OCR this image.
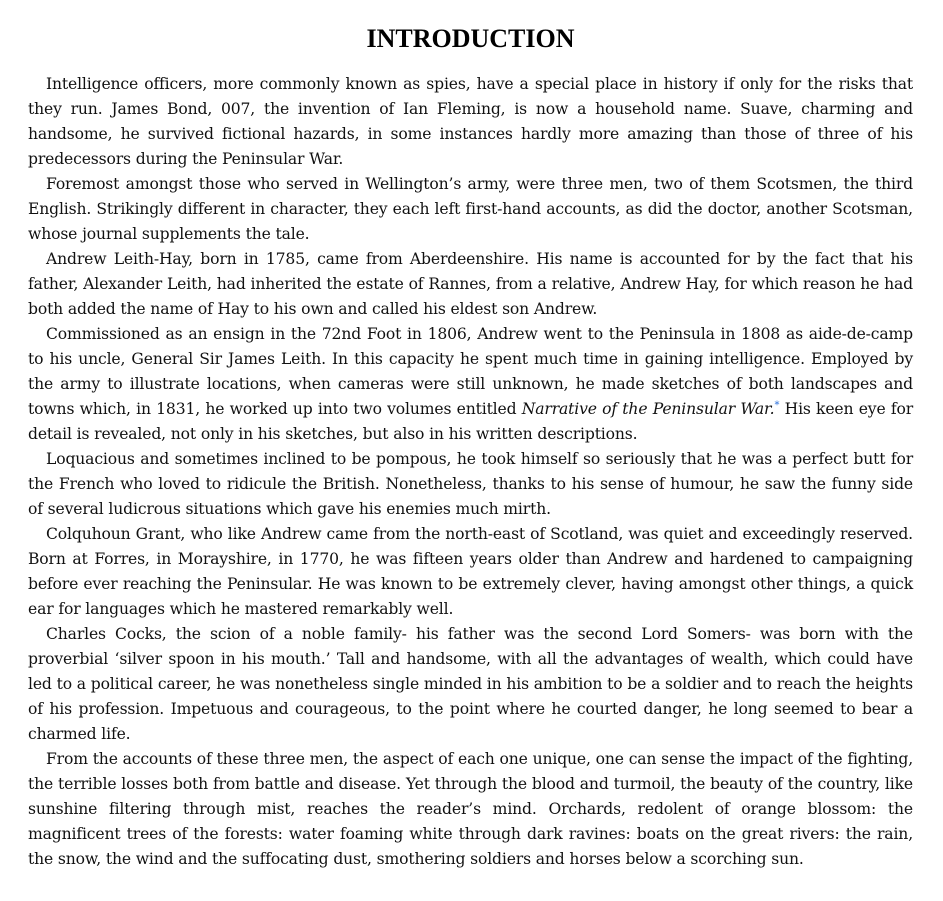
INTRODUCTION

Intelligence officers, more commonly known as spies, have a special place in history if only for the risks that they run. James Bond, 007, the invention of Ian Fleming, is now a household name. Suave, charming and handsome, he survived fictional hazards, in some instances hardly more amazing than those of three of his predecessors during the Peninsular War.

Foremost amongst those who served in Wellington’s army, were three men, two of them Scotsmen, the third English. Strikingly different in character, they each left first-hand accounts, as did the doctor, another Scotsman, whose journal supplements the tale.

Andrew Leith-Hay, born in 1785, came from Aberdeenshire. His name is accounted for by the fact that his father, Alexander Leith, had inherited the estate of Rannes, from a relative, Andrew Hay, for which reason he had both added the name of Hay to his own and called his eldest son Andrew.

Commissioned as an ensign in the 72nd Foot in 1806, Andrew went to the Peninsula in 1808 as aide-de-camp to his uncle, General Sir James Leith. In this capacity he spent much time in gaining intelligence. Employed by the army to illustrate locations, when cameras were still unknown, he made sketches of both landscapes and towns which, in 1831, he worked up into two volumes entitled Narrative of the Peninsular War.* His keen eye for detail is revealed, not only in his sketches, but also in his written descriptions.

Loquacious and sometimes inclined to be pompous, he took himself so seriously that he was a perfect butt for the French who loved to ridicule the British. Nonetheless, thanks to his sense of humour, he saw the funny side of several ludicrous situations which gave his enemies much mirth.

Colquhoun Grant, who like Andrew came from the north-east of Scotland, was quiet and exceedingly reserved. Born at Forres, in Morayshire, in 1770, he was fifteen years older than Andrew and hardened to campaigning before ever reaching the Peninsular. He was known to be extremely clever, having amongst other things, a quick ear for languages which he mastered remarkably well.

Charles Cocks, the scion of a noble family- his father was the second Lord Somers- was born with the proverbial ‘silver spoon in his mouth.’ Tall and handsome, with all the advantages of wealth, which could have led to a political career, he was nonetheless single minded in his ambition to be a soldier and to reach the heights of his profession. Impetuous and courageous, to the point where he courted danger, he long seemed to bear a charmed life.

From the accounts of these three men, the aspect of each one unique, one can sense the impact of the fighting, the terrible losses both from battle and disease. Yet through the blood and turmoil, the beauty of the country, like sunshine filtering through mist, reaches the reader’s mind. Orchards, redolent of orange blossom: the magnificent trees of the forests: water foaming white through dark ravines: boats on the great rivers: the rain, the snow, the wind and the suffocating dust, smothering soldiers and horses below a scorching sun.
